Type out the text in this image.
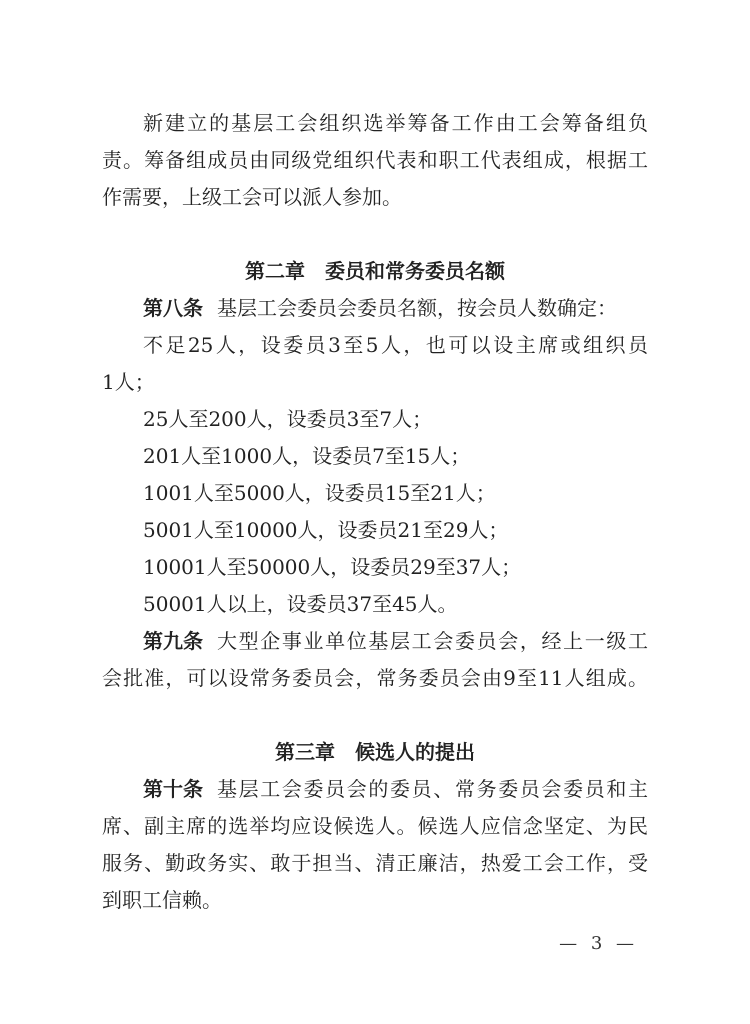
新建立的基层工会组织选举筹备工作由工会筹备组负
责。筹备组成员由同级党组织代表和职工代表组成，根据工
作需要，上级工会可以派人参加。
第二章　委员和常务委员名额
第八条 基层工会委员会委员名额，按会员人数确定：
不足25人，设委员3至5人，也可以设主席或组织员
1人；
25人至200人，设委员3至7人；
201人至1000人，设委员7至15人；
1001人至5000人，设委员15至21人；
5001人至10000人，设委员21至29人；
10001人至50000人，设委员29至37人；
50001人以上，设委员37至45人。
第九条 大型企事业单位基层工会委员会，经上一级工
会批准，可以设常务委员会，常务委员会由9至11人组成。
第三章　候选人的提出
第十条 基层工会委员会的委员、常务委员会委员和主
席、副主席的选举均应设候选人。候选人应信念坚定、为民
服务、勤政务实、敢于担当、清正廉洁，热爱工会工作，受
到职工信赖。
— 3 —
